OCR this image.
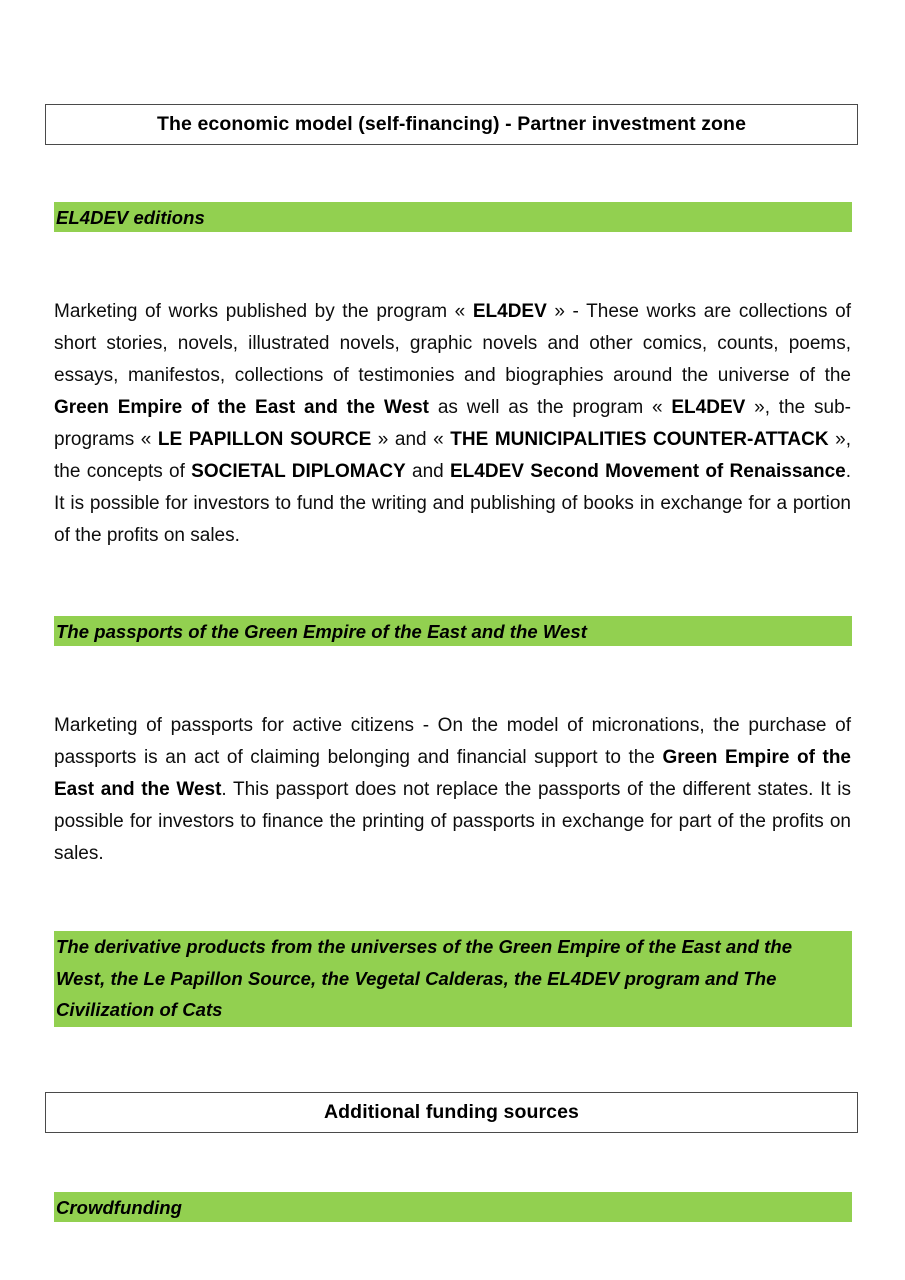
The economic model (self-financing) - Partner investment zone
EL4DEV editions
Marketing of works published by the program « EL4DEV » - These works are collections of short stories, novels, illustrated novels, graphic novels and other comics, counts, poems, essays, manifestos, collections of testimonies and biographies around the universe of the Green Empire of the East and the West as well as the program « EL4DEV », the sub-programs « LE PAPILLON SOURCE » and « THE MUNICIPALITIES COUNTER-ATTACK », the concepts of SOCIETAL DIPLOMACY and EL4DEV Second Movement of Renaissance. It is possible for investors to fund the writing and publishing of books in exchange for a portion of the profits on sales.
The passports of the Green Empire of the East and the West
Marketing of passports for active citizens - On the model of micronations, the purchase of passports is an act of claiming belonging and financial support to the Green Empire of the East and the West. This passport does not replace the passports of the different states. It is possible for investors to finance the printing of passports in exchange for part of the profits on sales.
The derivative products from the universes of the Green Empire of the East and the
West, the Le Papillon Source, the Vegetal Calderas, the EL4DEV program and The
Civilization of Cats
Additional funding sources
Crowdfunding
